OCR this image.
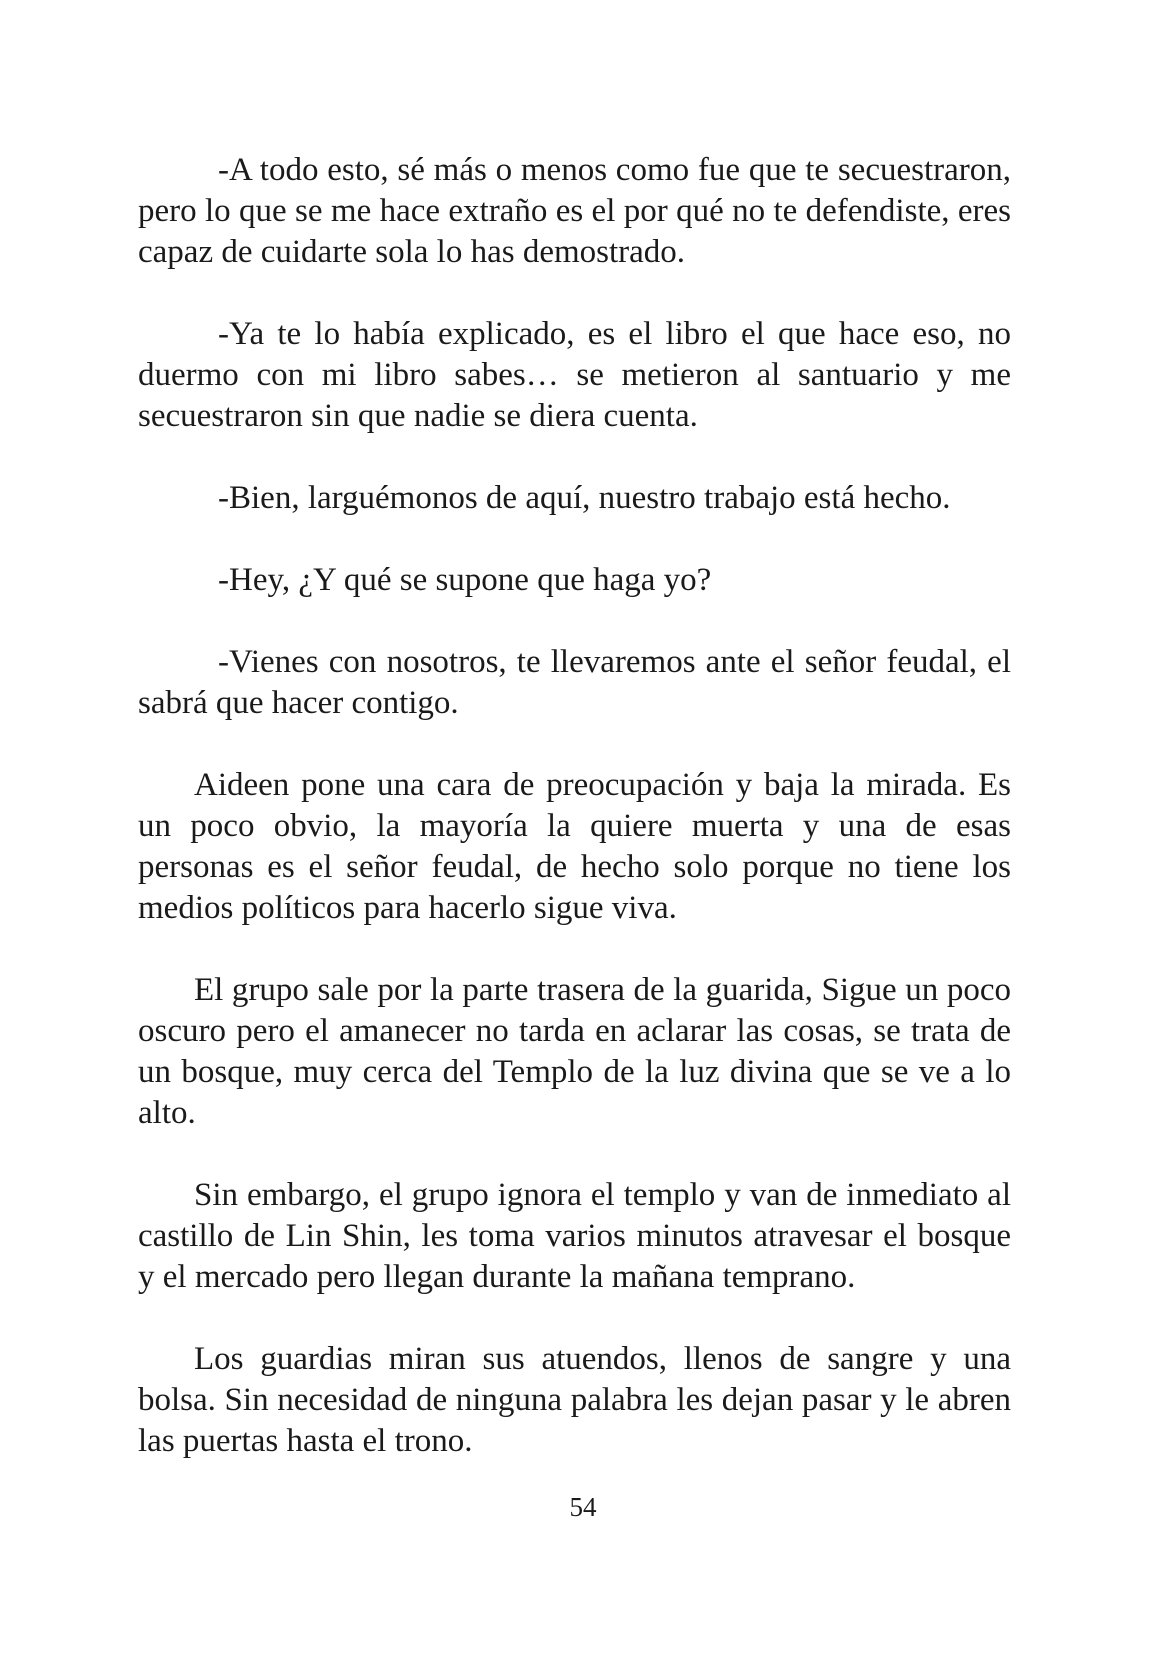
-A todo esto, sé más o menos como fue que te secuestraron, pero lo que se me hace extraño es el por qué no te defendiste, eres capaz de cuidarte sola lo has demostrado.

-Ya te lo había explicado, es el libro el que hace eso, no duermo con mi libro sabes… se metieron al santuario y me secuestraron sin que nadie se diera cuenta.

-Bien, larguémonos de aquí, nuestro trabajo está hecho.

-Hey, ¿Y qué se supone que haga yo?

-Vienes con nosotros, te llevaremos ante el señor feudal, el sabrá que hacer contigo.

Aideen pone una cara de preocupación y baja la mirada. Es un poco obvio, la mayoría la quiere muerta y una de esas personas es el señor feudal, de hecho solo porque no tiene los medios políticos para hacerlo sigue viva.

El grupo sale por la parte trasera de la guarida, Sigue un poco oscuro pero el amanecer no tarda en aclarar las cosas, se trata de un bosque, muy cerca del Templo de la luz divina que se ve a lo alto.

Sin embargo, el grupo ignora el templo y van de inmediato al castillo de Lin Shin, les toma varios minutos atravesar el bosque y el mercado pero llegan durante la mañana temprano.

Los guardias miran sus atuendos, llenos de sangre y una bolsa. Sin necesidad de ninguna palabra les dejan pasar y le abren las puertas hasta el trono.

54
